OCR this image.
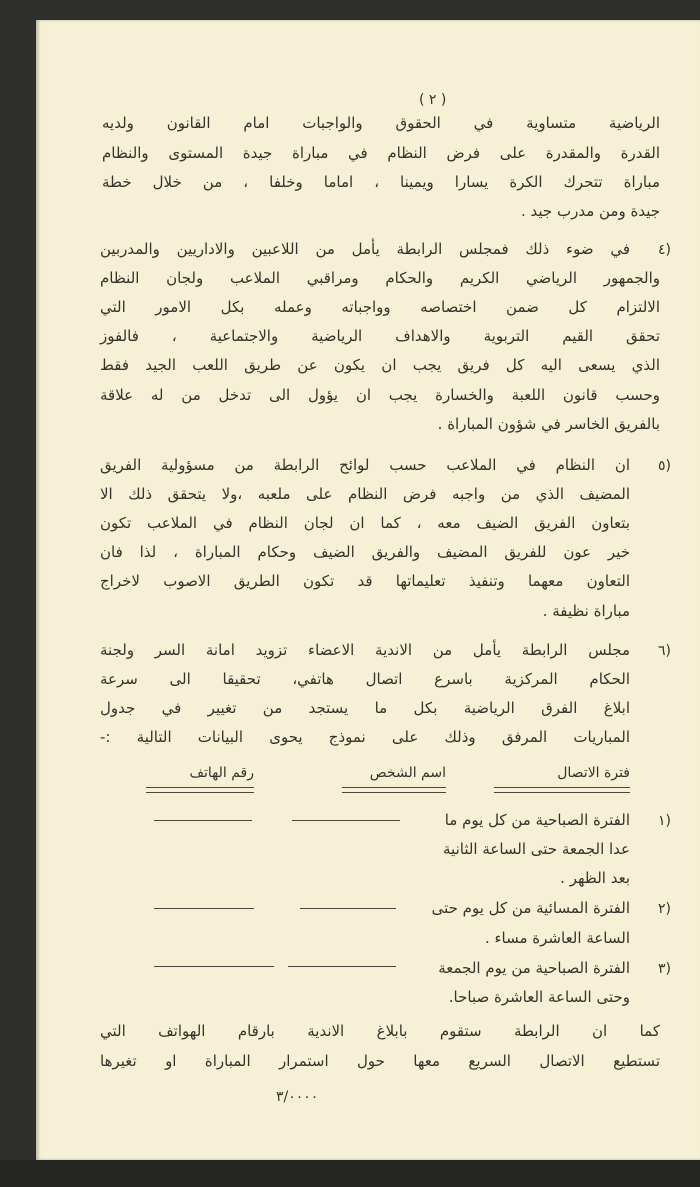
( ٢ )
الرياضية متساوية في الحقوق والواجبات امام القانون ولديه
القدرة والمقدرة على فرض النظام في مباراة جيدة المستوى والنظام
مباراة تتحرك الكرة يسارا ويمينا ، اماما وخلفا ، من خلال خطة
جيدة ومن مدرب جيد .
٤)
في ضوء ذلك فمجلس الرابطة يأمل من اللاعبين والاداريين والمدربين
والجمهور الرياضي الكريم والحكام ومراقبي الملاعب ولجان النظام
الالتزام كل ضمن اختصاصه وواجباته وعمله بكل الامور التي
تحقق القيم التربوية والاهداف الرياضية والاجتماعية ، فالفوز
الذي يسعى اليه كل فريق يجب ان يكون عن طريق اللعب الجيد فقط
وحسب قانون اللعبة والخسارة يجب ان يؤول الى تدخل من له علاقة
بالفريق الخاسر في شؤون المباراة .
٥)
ان النظام في الملاعب حسب لوائح الرابطة من مسؤولية الفريق
المضيف الذي من واجبه فرض النظام على ملعبه ،ولا يتحقق ذلك الا
بتعاون الفريق الضيف معه ، كما ان لجان النظام في الملاعب تكون
خير عون للفريق المضيف والفريق الضيف وحكام المباراة ، لذا فان
التعاون معهما وتنفيذ تعليماتها قد تكون الطريق الاصوب لاخراج
مباراة نظيفة .
٦)
مجلس الرابطة يأمل من الاندية الاعضاء تزويد امانة السر ولجنة
الحكام المركزية باسرع اتصال هاتفي، تحقيقا الى سرعة
ابلاغ الفرق الرياضية بكل ما يستجد من تغيير في جدول
المباريات المرفق وذلك على نموذج يحوى البيانات التالية :-
فترة الاتصال
اسم الشخص
رقم الهاتف
١)
الفترة الصباحية من كل يوم ما
عدا الجمعة حتى الساعة الثانية
بعد الظهر .
٢)
الفترة المسائية من كل يوم حتى
الساعة العاشرة مساء .
٣)
الفترة الصباحية من يوم الجمعة
وحتى الساعة العاشرة صباحا.
كما ان الرابطة ستقوم بابلاغ الاندية بارقام الهواتف التي
تستطيع الاتصال السريع معها حول استمرار المباراة او تغيرها
٣/٠٠٠٠
